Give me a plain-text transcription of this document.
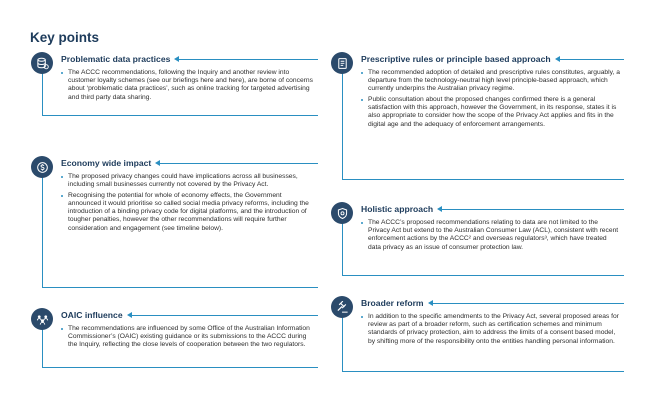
Key points
Problematic data practices
The ACCC recommendations, following the Inquiry and another review into customer loyalty schemes (see our briefings here and here), are borne of concerns about ‘problematic data practices’, such as online tracking for targeted advertising and third party data sharing.
Economy wide impact
The proposed privacy changes could have implications across all businesses, including small businesses currently not covered by the Privacy Act.
Recognising the potential for whole of economy effects, the Government announced it would prioritise so called social media privacy reforms, including the introduction of a binding privacy code for digital platforms, and the introduction of tougher penalties, however the other recommendations will require further consideration and engagement (see timeline below).
OAIC influence
The recommendations are influenced by some Office of the Australian Information Commissioner’s (OAIC) existing guidance or its submissions to the ACCC during the Inquiry, reflecting the close levels of cooperation between the two regulators.
Prescriptive rules or principle based approach
The recommended adoption of detailed and prescriptive rules constitutes, arguably, a departure from the technology-neutral high level principle-based approach, which currently underpins the Australian privacy regime.
Public consultation about the proposed changes confirmed there is a general satisfaction with this approach, however the Government, in its response, states it is also appropriate to consider how the scope of the Privacy Act applies and fits in the digital age and the adequacy of enforcement arrangements.
Holistic approach
The ACCC’s proposed recommendations relating to data are not limited to the Privacy Act but extend to the Australian Consumer Law (ACL), consistent with recent enforcement actions by the ACCC² and overseas regulators³, which have treated data privacy as an issue of consumer protection law.
Broader reform
In addition to the specific amendments to the Privacy Act, several proposed areas for review as part of a broader reform, such as certification schemes and minimum standards of privacy protection, aim to address the limits of a consent based model, by shifting more of the responsibility onto the entities handling personal information.
